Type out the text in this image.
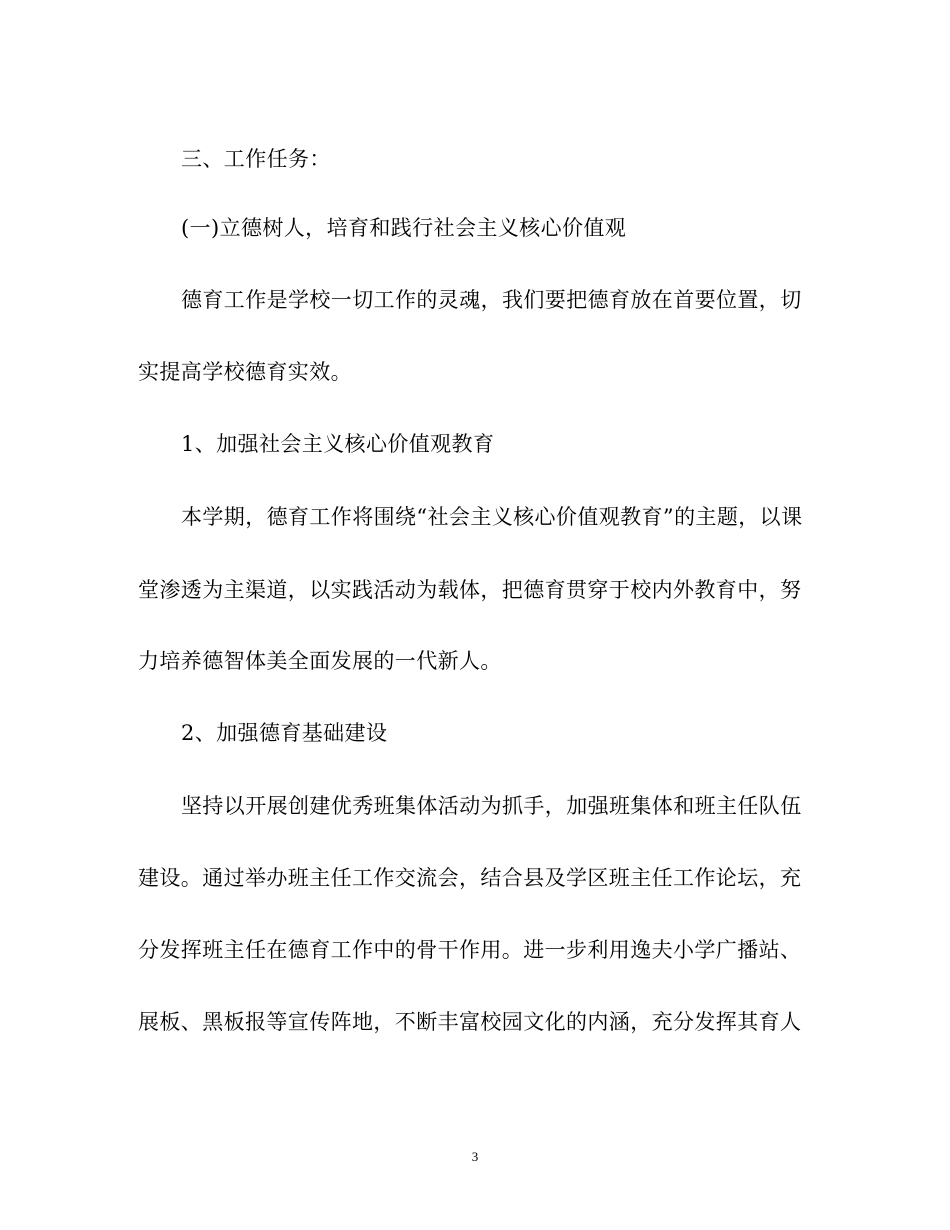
三、工作任务：
(一)立德树人，培育和践行社会主义核心价值观
德育工作是学校一切工作的灵魂，我们要把德育放在首要位置，切
实提高学校德育实效。
1、加强社会主义核心价值观教育
本学期，德育工作将围绕“社会主义核心价值观教育”的主题，以课
堂渗透为主渠道，以实践活动为载体，把德育贯穿于校内外教育中，努
力培养德智体美全面发展的一代新人。
2、加强德育基础建设
坚持以开展创建优秀班集体活动为抓手，加强班集体和班主任队伍
建设。通过举办班主任工作交流会，结合县及学区班主任工作论坛，充
分发挥班主任在德育工作中的骨干作用。进一步利用逸夫小学广播站、
展板、黑板报等宣传阵地，不断丰富校园文化的内涵，充分发挥其育人
3
